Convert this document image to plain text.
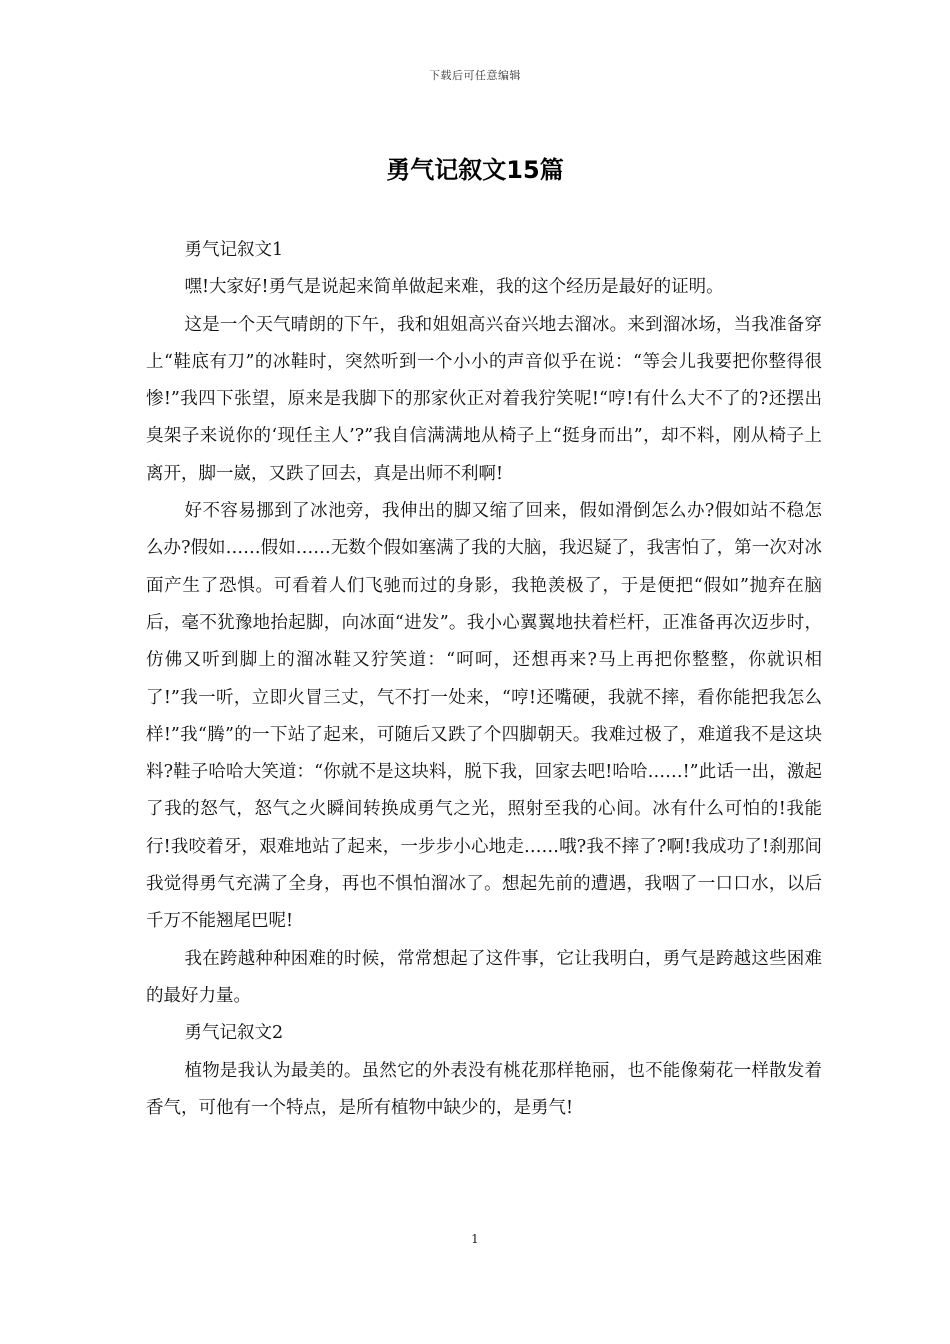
下载后可任意编辑
勇气记叙文15篇

勇气记叙文1

嘿!大家好!勇气是说起来简单做起来难，我的这个经历是最好的证明。

这是一个天气晴朗的下午，我和姐姐高兴奋兴地去溜冰。来到溜冰场，当我准备穿上“鞋底有刀”的冰鞋时，突然听到一个小小的声音似乎在说：“等会儿我要把你整得很惨!”我四下张望，原来是我脚下的那家伙正对着我狞笑呢!“哼!有什么大不了的?还摆出臭架子来说你的‘现任主人’?”我自信满满地从椅子上“挺身而出”，却不料，刚从椅子上离开，脚一崴，又跌了回去，真是出师不利啊!

好不容易挪到了冰池旁，我伸出的脚又缩了回来，假如滑倒怎么办?假如站不稳怎么办?假如……假如……无数个假如塞满了我的大脑，我迟疑了，我害怕了，第一次对冰面产生了恐惧。可看着人们飞驰而过的身影，我艳羡极了，于是便把“假如”抛弃在脑后，毫不犹豫地抬起脚，向冰面“进发”。我小心翼翼地扶着栏杆，正准备再次迈步时，仿佛又听到脚上的溜冰鞋又狞笑道：“呵呵，还想再来?马上再把你整整，你就识相了!”我一听，立即火冒三丈，气不打一处来，“哼!还嘴硬，我就不摔，看你能把我怎么样!”我“腾”的一下站了起来，可随后又跌了个四脚朝天。我难过极了，难道我不是这块料?鞋子哈哈大笑道：“你就不是这块料，脱下我，回家去吧!哈哈……!”此话一出，激起了我的怒气，怒气之火瞬间转换成勇气之光，照射至我的心间。冰有什么可怕的!我能行!我咬着牙，艰难地站了起来，一步步小心地走……哦?我不摔了?啊!我成功了!刹那间我觉得勇气充满了全身，再也不惧怕溜冰了。想起先前的遭遇，我咽了一口口水，以后千万不能翘尾巴呢!

我在跨越种种困难的时候，常常想起了这件事，它让我明白，勇气是跨越这些困难的最好力量。

勇气记叙文2

植物是我认为最美的。虽然它的外表没有桃花那样艳丽，也不能像菊花一样散发着香气，可他有一个特点，是所有植物中缺少的，是勇气!

1
